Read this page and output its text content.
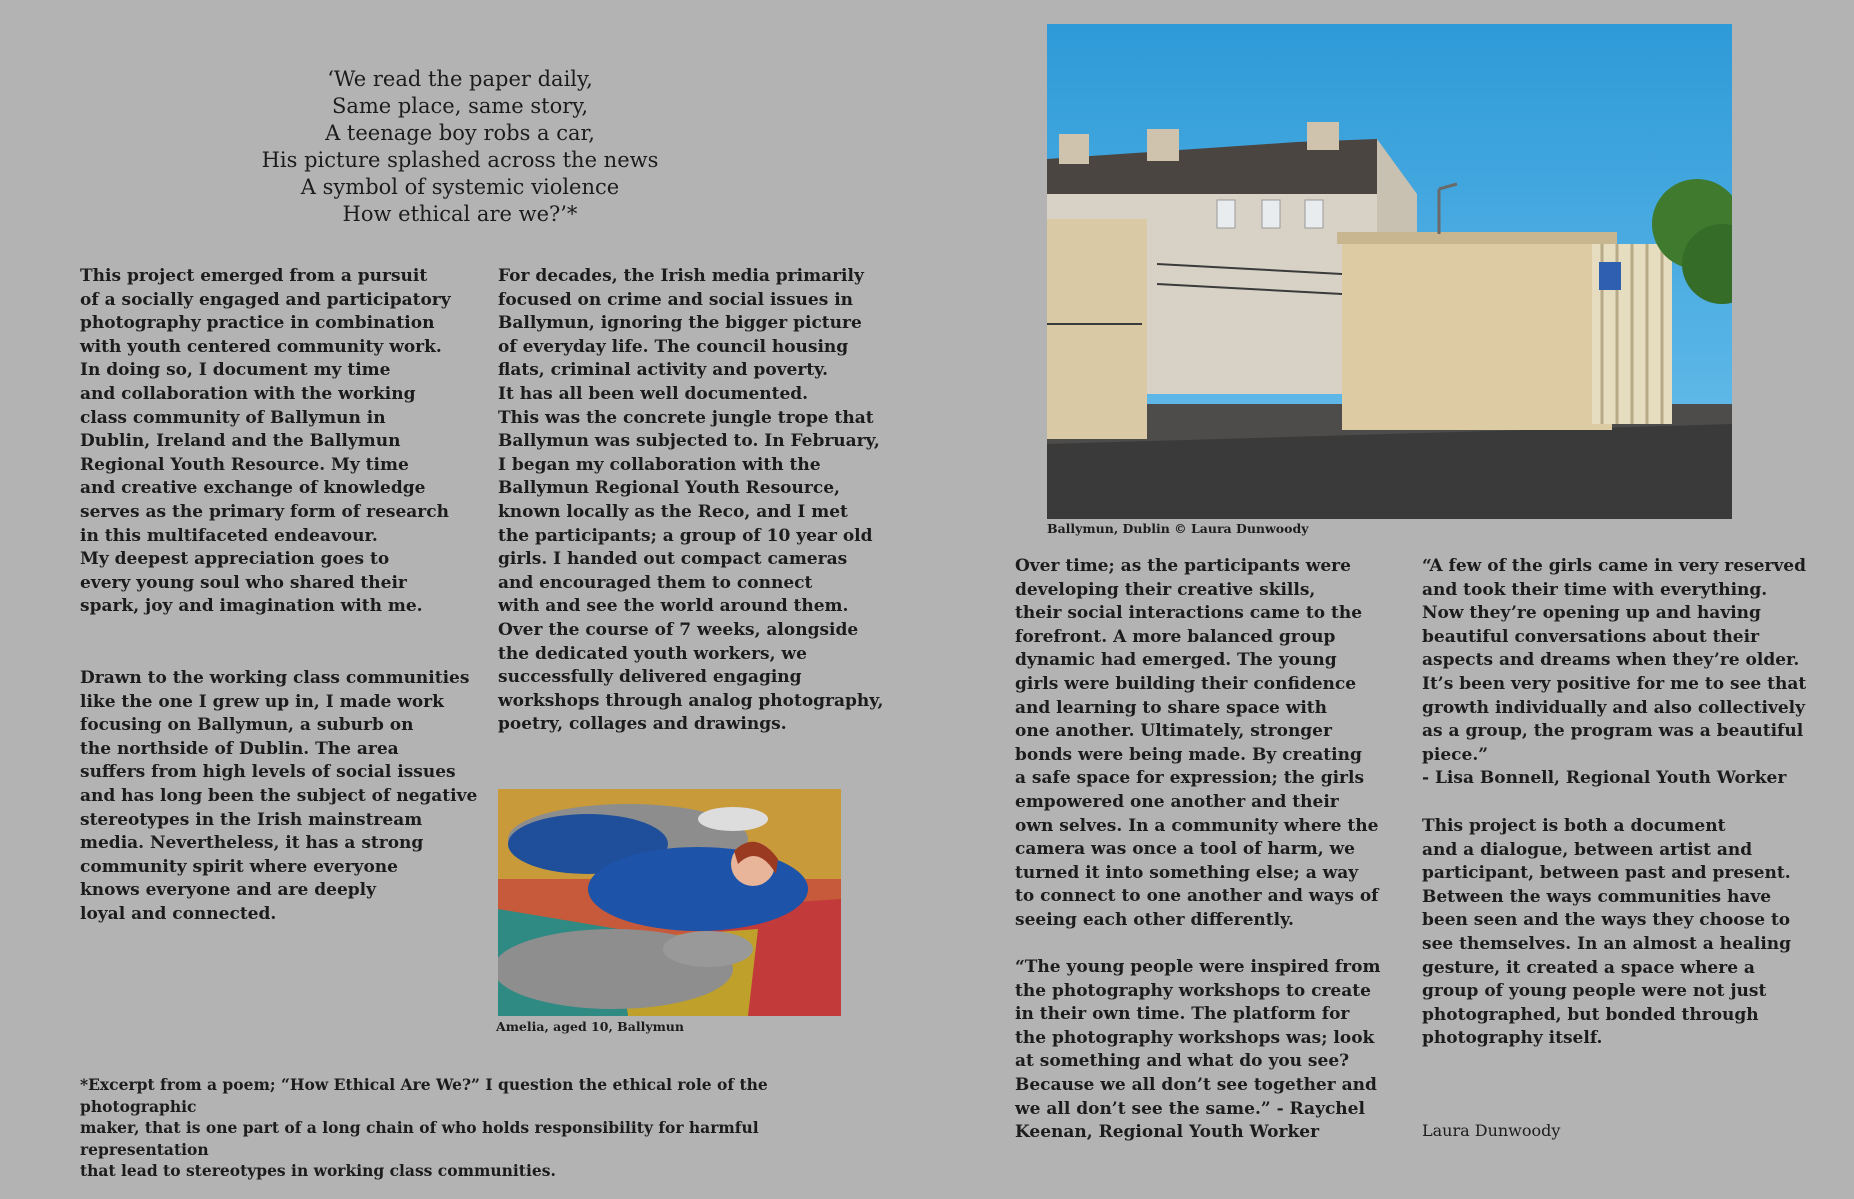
‘We read the paper daily,
Same place, same story,
A teenage boy robs a car,
His picture splashed across the news
A symbol of systemic violence
How ethical are we?’*

This project emerged from a pursuit
of a socially engaged and participatory
photography practice in combination
with youth centered community work.
In doing so, I document my time
and collaboration with the working
class community of Ballymun in
Dublin, Ireland and the Ballymun
Regional Youth Resource. My time
and creative exchange of knowledge
serves as the primary form of research
in this multifaceted endeavour.
My deepest appreciation goes to
every young soul who shared their
spark, joy and imagination with me.

Drawn to the working class communities
like the one I grew up in, I made work
focusing on Ballymun, a suburb on
the northside of Dublin. The area
suffers from high levels of social issues
and has long been the subject of negative
stereotypes in the Irish mainstream
media. Nevertheless, it has a strong
community spirit where everyone
knows everyone and are deeply
loyal and connected.

For decades, the Irish media primarily
focused on crime and social issues in
Ballymun, ignoring the bigger picture
of everyday life. The council housing
flats, criminal activity and poverty.
It has all been well documented.
This was the concrete jungle trope that
Ballymun was subjected to. In February,
I began my collaboration with the
Ballymun Regional Youth Resource,
known locally as the Reco, and I met
the participants; a group of 10 year old
girls. I handed out compact cameras
and encouraged them to connect
with and see the world around them.
Over the course of 7 weeks, alongside
the dedicated youth workers, we
successfully delivered engaging
workshops through analog photography,
poetry, collages and drawings.

Amelia, aged 10, Ballymun
*Excerpt from a poem; “How Ethical Are We?” I question the ethical role of the photographic
maker, that is one part of a long chain of who holds responsibility for harmful representation
that lead to stereotypes in working class communities.
Ballymun, Dublin © Laura Dunwoody

Over time; as the participants were
developing their creative skills,
their social interactions came to the
forefront. A more balanced group
dynamic had emerged. The young
girls were building their confidence
and learning to share space with
one another. Ultimately, stronger
bonds were being made. By creating
a safe space for expression; the girls
empowered one another and their
own selves. In a community where the
camera was once a tool of harm, we
turned it into something else; a way
to connect to one another and ways of
seeing each other differently.

“The young people were inspired from
the photography workshops to create
in their own time. The platform for
the photography workshops was; look
at something and what do you see?
Because we all don’t see together and
we all don’t see the same.” - Raychel
Keenan, Regional Youth Worker

“A few of the girls came in very reserved
and took their time with everything.
Now they’re opening up and having
beautiful conversations about their
aspects and dreams when they’re older.
It’s been very positive for me to see that
growth individually and also collectively
as a group, the program was a beautiful
piece.”
- Lisa Bonnell, Regional Youth Worker

This project is both a document
and a dialogue, between artist and
participant, between past and present.
Between the ways communities have
been seen and the ways they choose to
see themselves. In an almost a healing
gesture, it created a space where a
group of young people were not just
photographed, but bonded through
photography itself.

Laura Dunwoody
